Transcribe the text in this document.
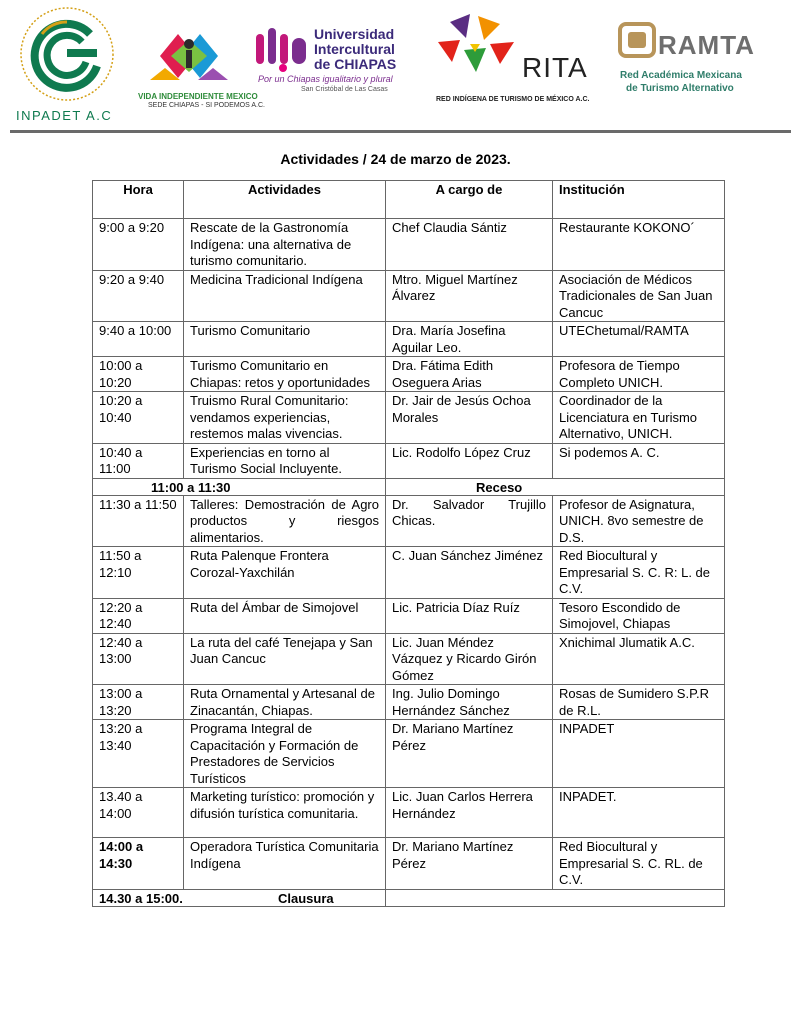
INPADET A.C
VIDA INDEPENDIENTE MEXICO
SEDE CHIAPAS - SI PODEMOS A.C.
Universidad
Intercultural
de CHIAPAS
Por un Chiapas igualitario y plural
San Cristóbal de Las Casas
RITA
RED INDÍGENA DE TURISMO DE MÉXICO A.C.
RAMTA
Red Académica Mexicana
de Turismo Alternativo
Actividades / 24 de marzo de 2023.
Hora	Actividades	A cargo de	Institución
9:00 a 9:20	Rescate de la Gastronomía Indígena: una alternativa de turismo comunitario.	Chef Claudia Sántiz	Restaurante KOKONO´
9:20 a 9:40	Medicina Tradicional Indígena	Mtro. Miguel Martínez Álvarez	Asociación de Médicos Tradicionales de San Juan Cancuc
9:40 a 10:00	Turismo Comunitario	Dra. María Josefina Aguilar Leo.	UTEChetumal/RAMTA
10:00 a 10:20	Turismo Comunitario en Chiapas: retos y oportunidades	Dra. Fátima Edith Oseguera Arias	Profesora de Tiempo Completo UNICH.
10:20 a 10:40	Truismo Rural Comunitario: vendamos experiencias, restemos malas vivencias.	Dr. Jair de Jesús Ochoa Morales	Coordinador de la Licenciatura en Turismo Alternativo, UNICH.
10:40 a 11:00	Experiencias en torno al Turismo Social Incluyente.	Lic. Rodolfo López Cruz	Si podemos A. C.
11:00 a 11:30		Receso	
11:30 a 11:50	Talleres: Demostración de Agro productos y riesgos alimentarios.	Dr. Salvador Trujillo Chicas.	Profesor de Asignatura, UNICH. 8vo semestre de D.S.
11:50 a 12:10	Ruta Palenque Frontera Corozal-Yaxchilán	C. Juan Sánchez Jiménez	Red Biocultural y Empresarial S. C. R: L. de C.V.
12:20 a 12:40	Ruta del Ámbar de Simojovel	Lic. Patricia Díaz Ruíz	Tesoro Escondido de Simojovel, Chiapas
12:40 a 13:00	La ruta del café Tenejapa y San Juan Cancuc	Lic. Juan Méndez Vázquez y Ricardo Girón Gómez	Xnichimal Jlumatik A.C.
13:00 a 13:20	Ruta Ornamental y Artesanal de Zinacantán, Chiapas.	Ing. Julio Domingo Hernández Sánchez	Rosas de Sumidero S.P.R de R.L.
13:20 a 13:40	Programa Integral de Capacitación y Formación de Prestadores de Servicios Turísticos	Dr. Mariano Martínez Pérez	INPADET
13.40 a 14:00	Marketing turístico: promoción y difusión turística comunitaria.	Lic. Juan Carlos Herrera Hernández	INPADET.
14:00 a 14:30	Operadora Turística Comunitaria Indígena	Dr. Mariano Martínez Pérez	Red Biocultural y Empresarial S. C. RL. de C.V.
14.30 a 15:00.		Clausura	
